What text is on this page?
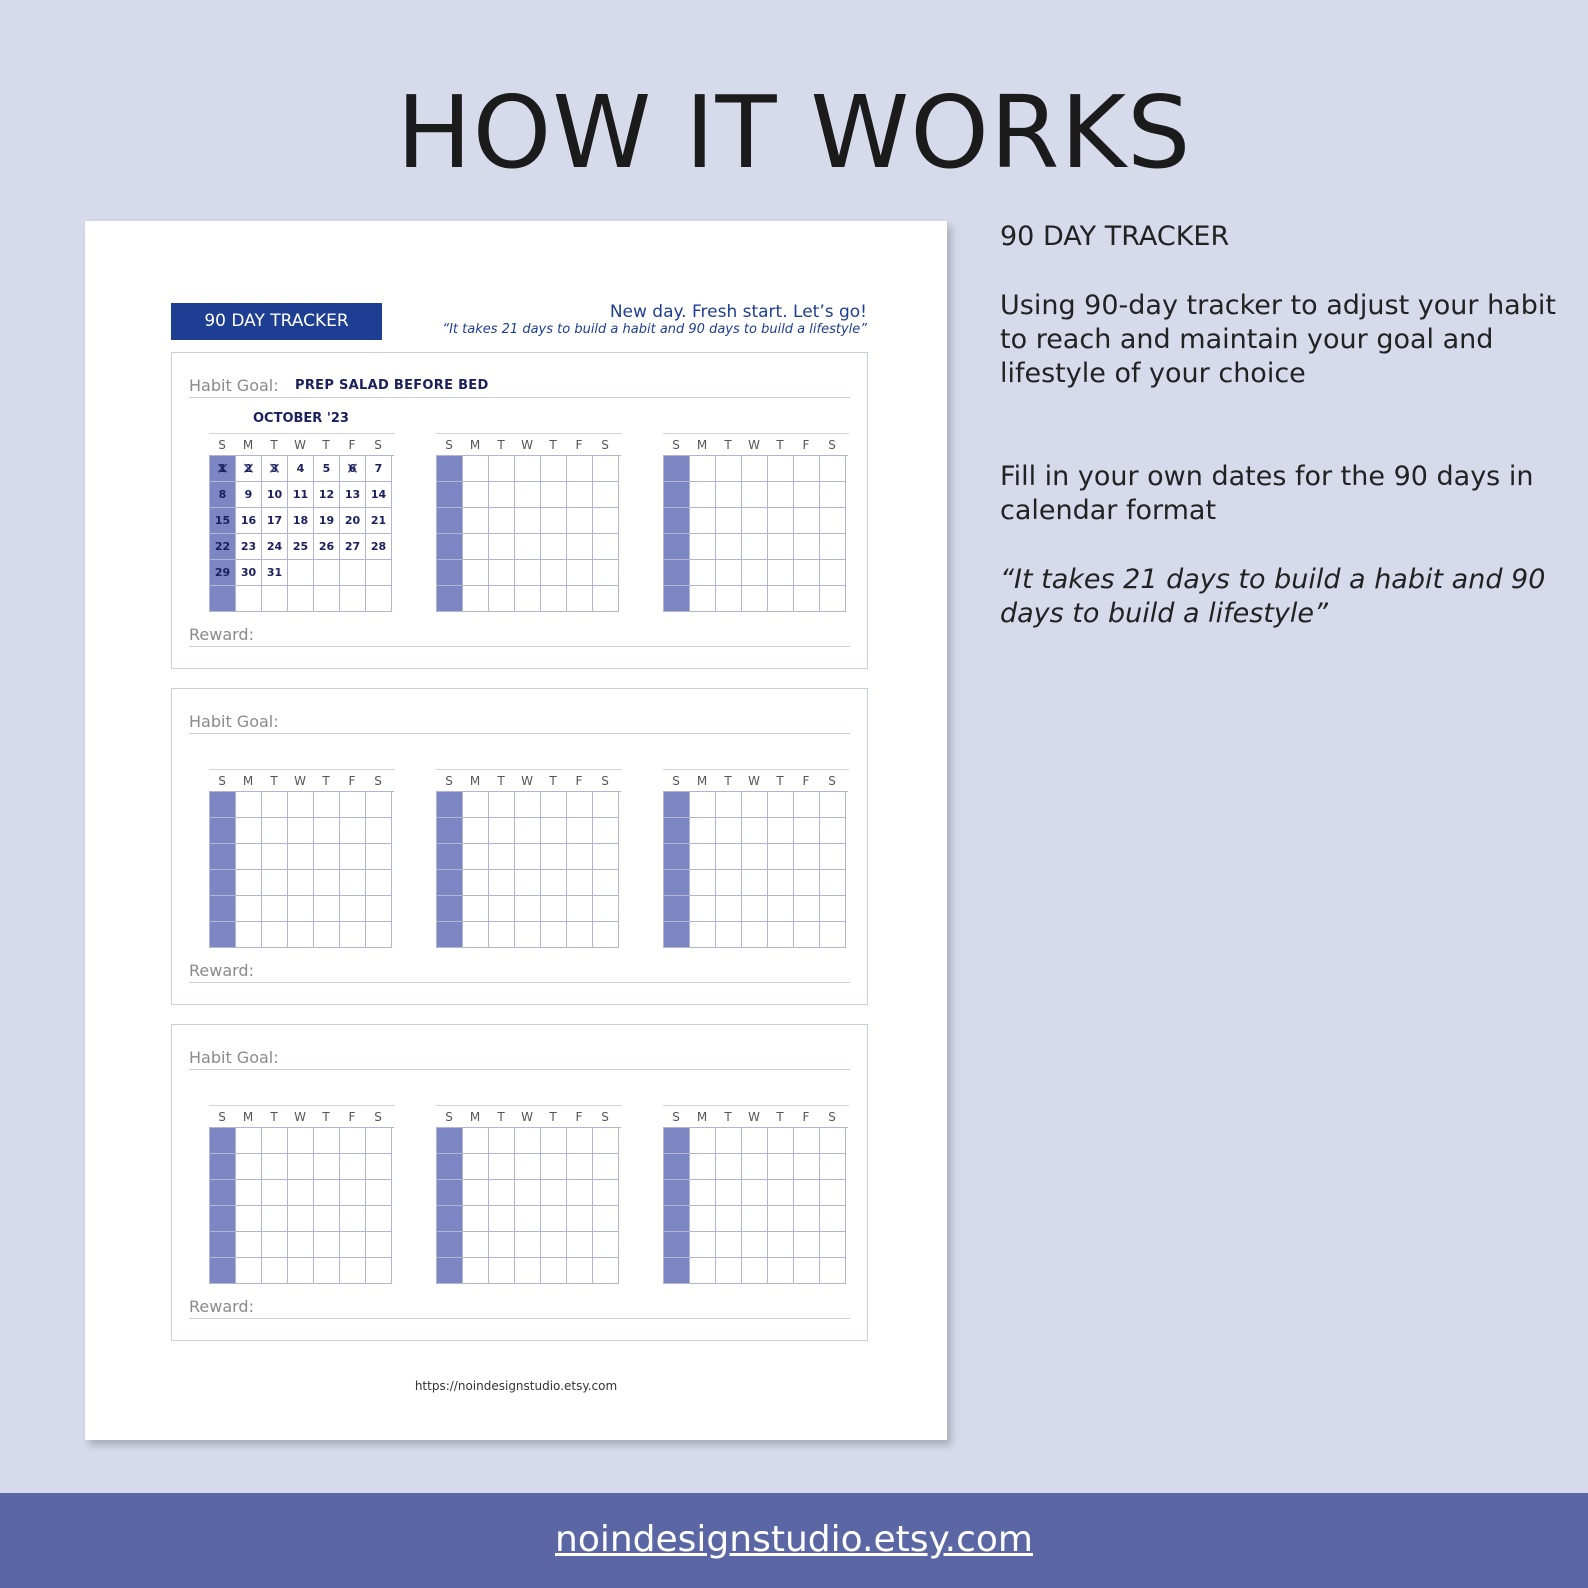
HOW IT WORKS
90 DAY TRACKER	New day. Fresh start. Let’s go!
“It takes 21 days to build a habit and 90 days to build a lifestyle”
Habit Goal: PREP SALAD BEFORE BED
OCTOBER '23
S	M	T	W	T	F	S
1 ✕	2 ✕	3 ✕	4	5	6 ✕	7
8	9	10 11 12 13 14
15 16 17 18 19 20 21
22 23 24 25 26 27 28
29 30 31
S	M	T	W	T	F	S	S	M	T	W	T	F	S
Reward:
Habit Goal:
S	M	T	W	T	F	S	S	M	T	W	T	F	S	S	M	T	W	T	F	S
Reward:
Habit Goal:
S	M	T	W	T	F	S	S	M	T	W	T	F	S	S	M	T	W	T	F	S
Reward:
https://noindesignstudio.etsy.com
90 DAY TRACKER
Using 90-day tracker to adjust your habit to reach and maintain your goal and lifestyle of your choice
Fill in your own dates for the 90 days in calendar format
“It takes 21 days to build a habit and 90 days to build a lifestyle”
noindesignstudio.etsy.com
